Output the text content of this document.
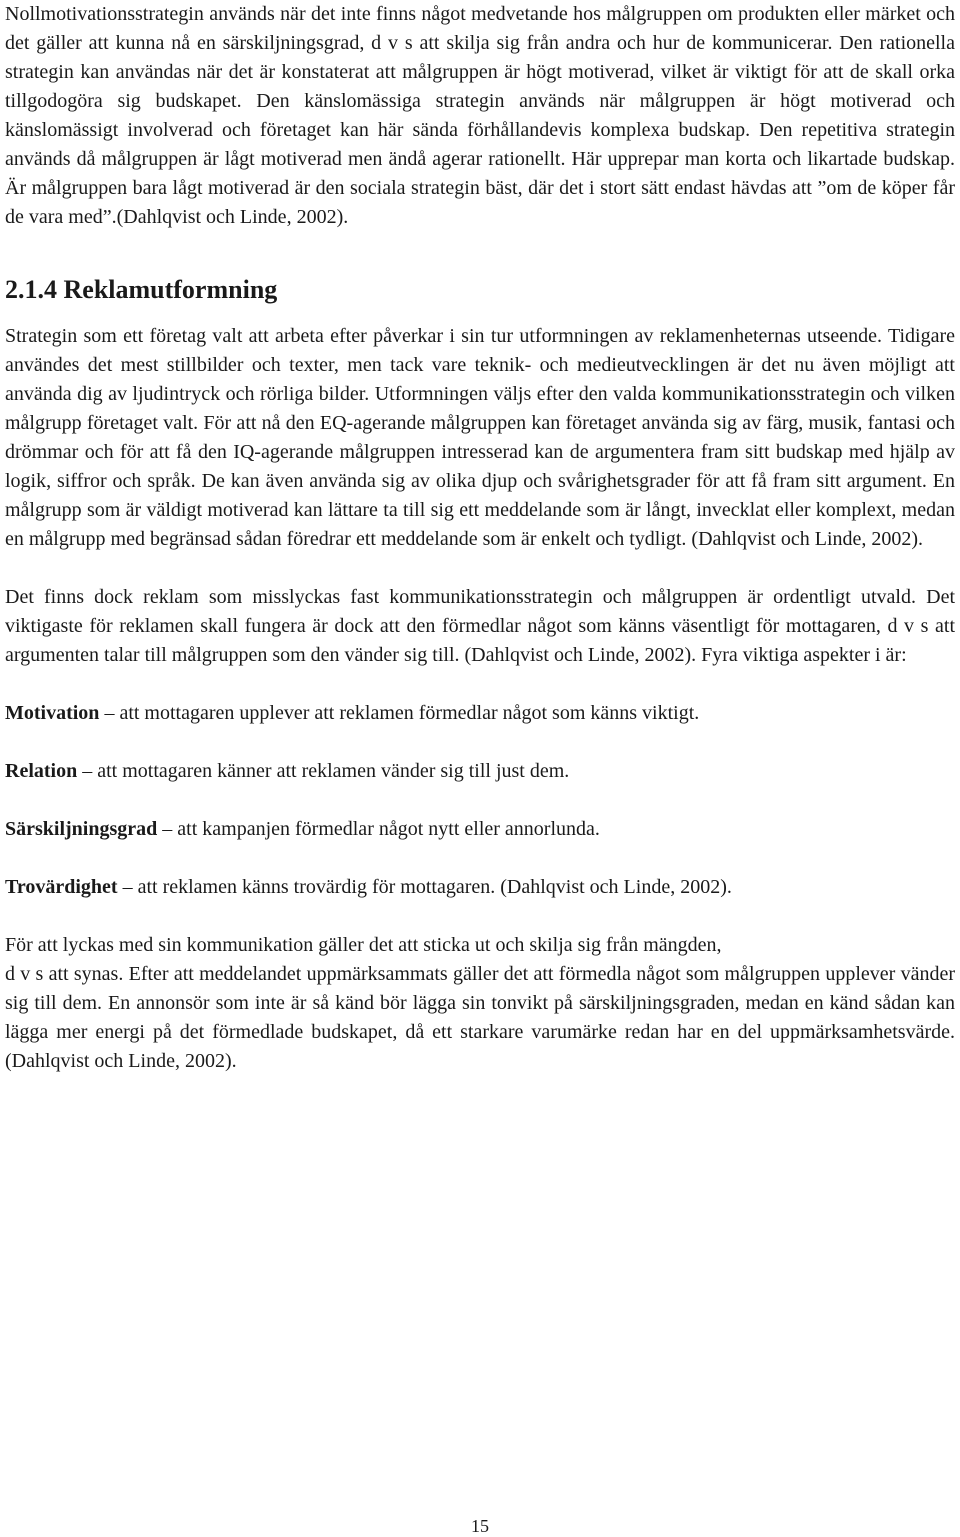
Nollmotivationsstrategin används när det inte finns något medvetande hos målgruppen om produkten eller märket och det gäller att kunna nå en särskiljningsgrad, d v s att skilja sig från andra och hur de kommunicerar. Den rationella strategin kan användas när det är konstaterat att målgruppen är högt motiverad, vilket är viktigt för att de skall orka tillgodogöra sig budskapet. Den känslomässiga strategin används när målgruppen är högt motiverad och känslomässigt involverad och företaget kan här sända förhållandevis komplexa budskap. Den repetitiva strategin används då målgruppen är lågt motiverad men ändå agerar rationellt. Här upprepar man korta och likartade budskap. Är målgruppen bara lågt motiverad är den sociala strategin bäst, där det i stort sätt endast hävdas att ”om de köper får de vara med”.(Dahlqvist och Linde, 2002).

2.1.4 Reklamutformning

Strategin som ett företag valt att arbeta efter påverkar i sin tur utformningen av reklamenheternas utseende. Tidigare användes det mest stillbilder och texter, men tack vare teknik- och medieutvecklingen är det nu även möjligt att använda dig av ljudintryck och rörliga bilder. Utformningen väljs efter den valda kommunikationsstrategin och vilken målgrupp företaget valt. För att nå den EQ-agerande målgruppen kan företaget använda sig av färg, musik, fantasi och drömmar och för att få den IQ-agerande målgruppen intresserad kan de argumentera fram sitt budskap med hjälp av logik, siffror och språk. De kan även använda sig av olika djup och svårighetsgrader för att få fram sitt argument. En målgrupp som är väldigt motiverad kan lättare ta till sig ett meddelande som är långt, invecklat eller komplext, medan en målgrupp med begränsad sådan föredrar ett meddelande som är enkelt och tydligt. (Dahlqvist och Linde, 2002).

Det finns dock reklam som misslyckas fast kommunikationsstrategin och målgruppen är ordentligt utvald. Det viktigaste för reklamen skall fungera är dock att den förmedlar något som känns väsentligt för mottagaren, d v s att argumenten talar till målgruppen som den vänder sig till. (Dahlqvist och Linde, 2002). Fyra viktiga aspekter i är:

Motivation – att mottagaren upplever att reklamen förmedlar något som känns viktigt.

Relation – att mottagaren känner att reklamen vänder sig till just dem.

Särskiljningsgrad – att kampanjen förmedlar något nytt eller annorlunda.

Trovärdighet – att reklamen känns trovärdig för mottagaren. (Dahlqvist och Linde, 2002).

För att lyckas med sin kommunikation gäller det att sticka ut och skilja sig från mängden,

d v s att synas. Efter att meddelandet uppmärksammats gäller det att förmedla något som målgruppen upplever vänder sig till dem. En annonsör som inte är så känd bör lägga sin tonvikt på särskiljningsgraden, medan en känd sådan kan lägga mer energi på det förmedlade budskapet, då ett starkare varumärke redan har en del uppmärksamhetsvärde. (Dahlqvist och Linde, 2002).

15
